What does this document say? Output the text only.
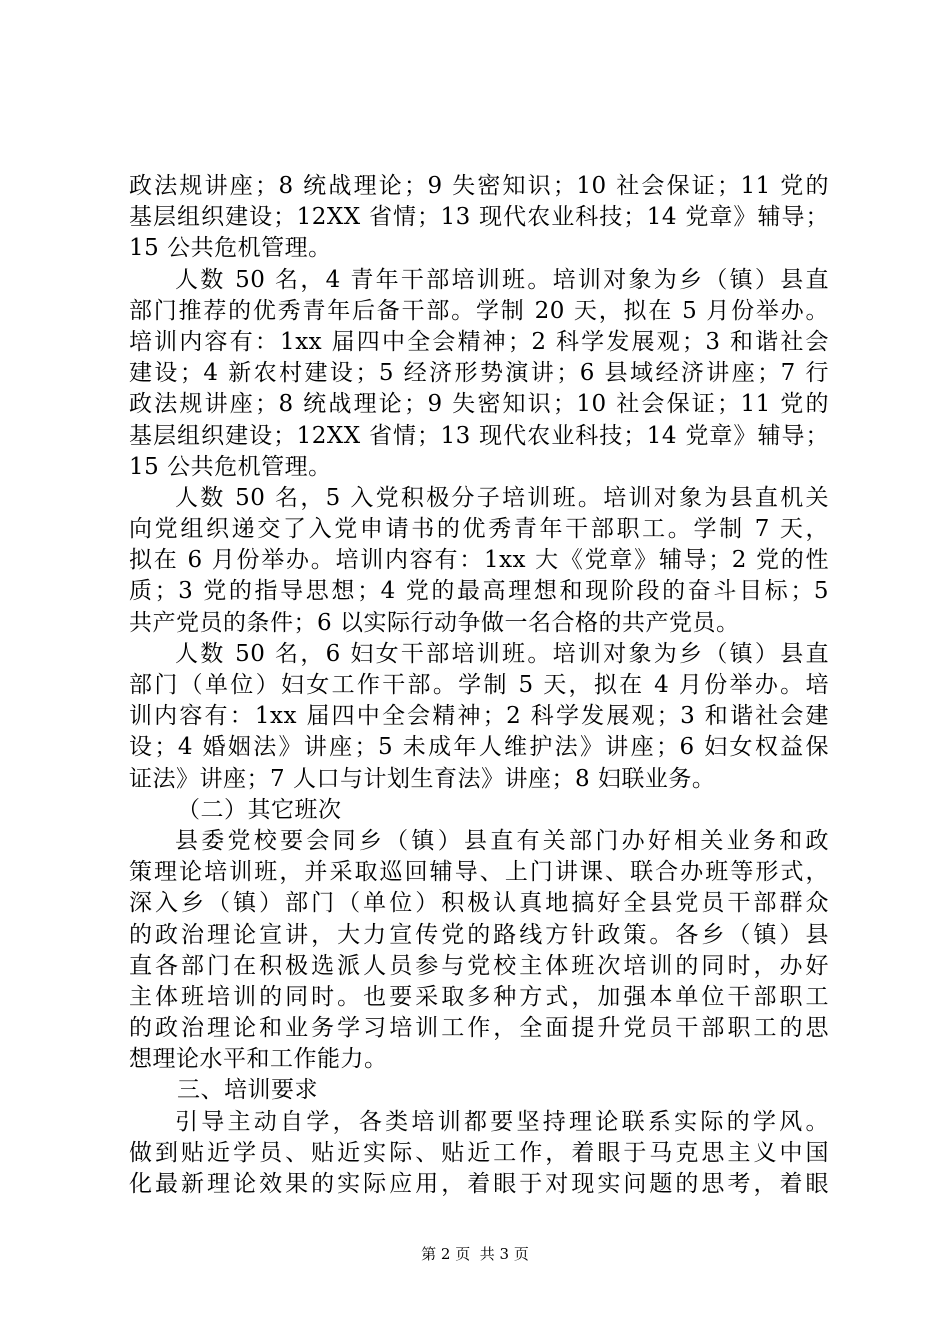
政法规讲座；8 统战理论；9 失密知识；10 社会保证；11 党的
基层组织建设；12XX 省情；13 现代农业科技；14 党章》辅导；
15 公共危机管理。
人数 50 名，4 青年干部培训班。培训对象为乡（镇）县直
部门推荐的优秀青年后备干部。学制 20 天，拟在 5 月份举办。
培训内容有：1xx 届四中全会精神；2 科学发展观；3 和谐社会
建设；4 新农村建设；5 经济形势演讲；6 县域经济讲座；7 行
政法规讲座；8 统战理论；9 失密知识；10 社会保证；11 党的
基层组织建设；12XX 省情；13 现代农业科技；14 党章》辅导；
15 公共危机管理。
人数 50 名，5 入党积极分子培训班。培训对象为县直机关
向党组织递交了入党申请书的优秀青年干部职工。学制 7 天，
拟在 6 月份举办。培训内容有：1xx 大《党章》辅导；2 党的性
质；3 党的指导思想；4 党的最高理想和现阶段的奋斗目标；5
共产党员的条件；6 以实际行动争做一名合格的共产党员。
人数 50 名，6 妇女干部培训班。培训对象为乡（镇）县直
部门（单位）妇女工作干部。学制 5 天，拟在 4 月份举办。培
训内容有：1xx 届四中全会精神；2 科学发展观；3 和谐社会建
设；4 婚姻法》讲座；5 未成年人维护法》讲座；6 妇女权益保
证法》讲座；7 人口与计划生育法》讲座；8 妇联业务。
（二）其它班次
县委党校要会同乡（镇）县直有关部门办好相关业务和政
策理论培训班，并采取巡回辅导、上门讲课、联合办班等形式，
深入乡（镇）部门（单位）积极认真地搞好全县党员干部群众
的政治理论宣讲，大力宣传党的路线方针政策。各乡（镇）县
直各部门在积极选派人员参与党校主体班次培训的同时，办好
主体班培训的同时。也要采取多种方式，加强本单位干部职工
的政治理论和业务学习培训工作，全面提升党员干部职工的思
想理论水平和工作能力。
三、培训要求
引导主动自学，各类培训都要坚持理论联系实际的学风。
做到贴近学员、贴近实际、贴近工作，着眼于马克思主义中国
化最新理论效果的实际应用，着眼于对现实问题的思考，着眼
第 2 页  共 3 页
